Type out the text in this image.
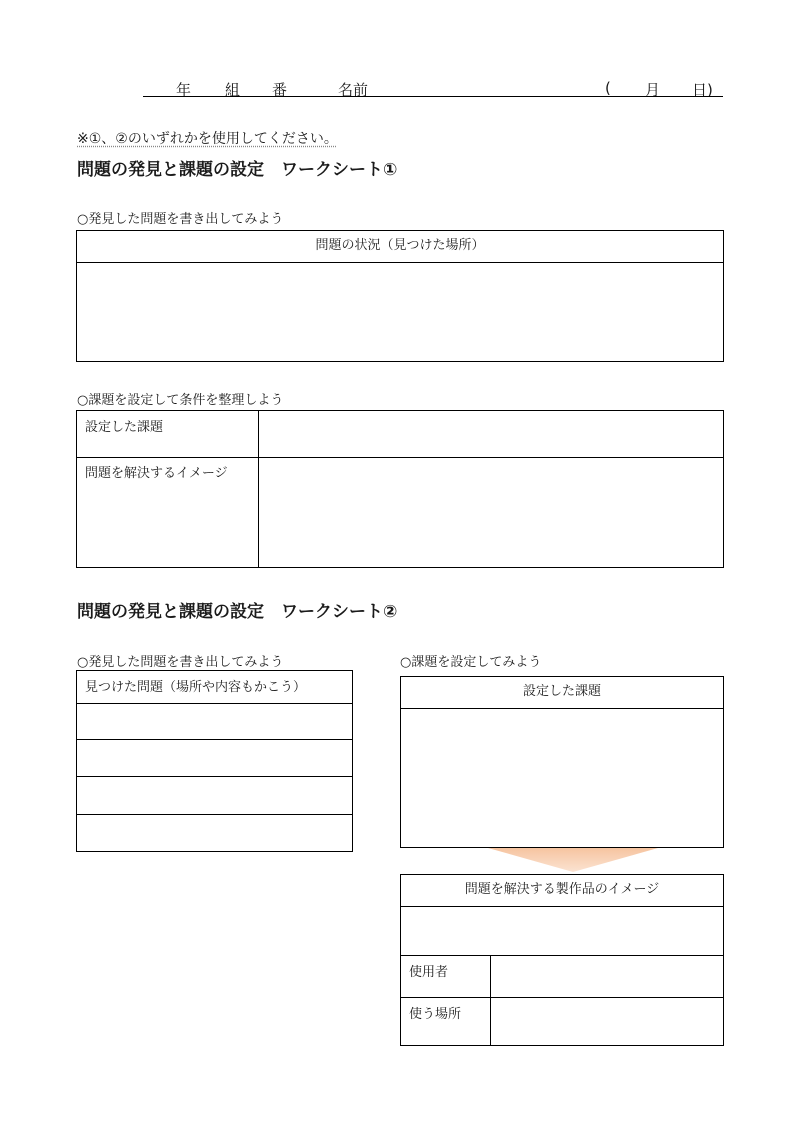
年 組 番	名前	( 月 日)
※①、②のいずれかを使用してください。
問題の発見と課題の設定　ワークシート①
○発見した問題を書き出してみよう
問題の状況（見つけた場所）
○課題を設定して条件を整理しよう
設定した課題
問題を解決するイメージ
問題の発見と課題の設定　ワークシート②
○発見した問題を書き出してみよう
見つけた問題（場所や内容もかこう）
○課題を設定してみよう
設定した課題
問題を解決する製作品のイメージ
使用者
使う場所
